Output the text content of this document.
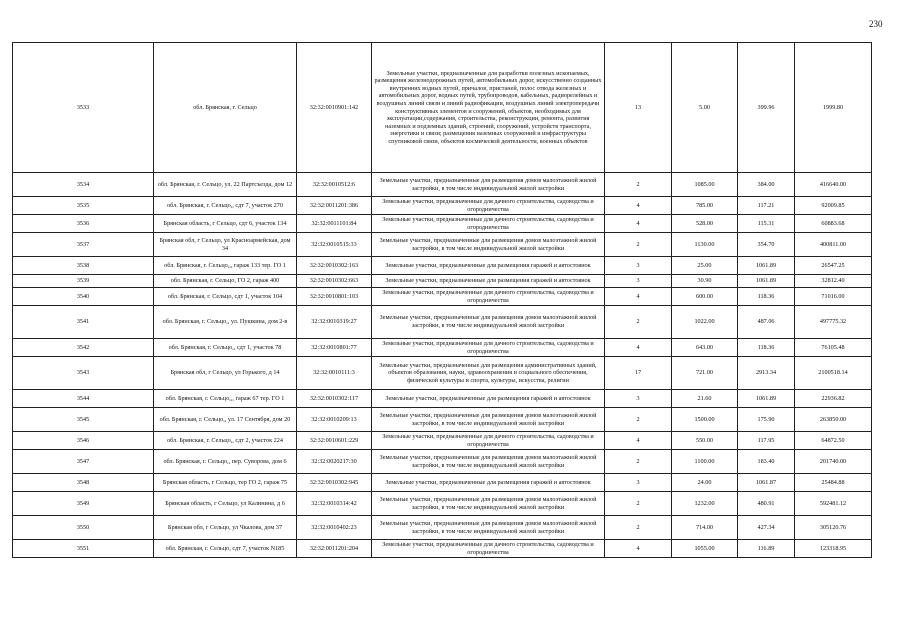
230
3533	обл. Брянская, г. Сельцо	32:32:0010901:142	Земельные участки, предназначенные для разработки полезных ископаемых, размещения железнодорожных путей, автомобильных дорог, искусственно созданных внутренних водных путей, причалов, пристаней, полос отвода железных и автомобильных дорог, водных путей, трубопроводов, кабельных, радиорелейных и воздушных линий связи и линий радиофикации, воздушных линий электропередачи конструктивных элементов и сооружений, объектов, необходимых для эксплуатации,содержания, строительства, реконструкции, ремонта, развития наземных и подземных зданий, строений, сооружений, устройств транспорта, энергетики и связи; размещения наземных сооружений и инфраструктуры спутниковой связи, объектов космической деятельности, военных объектов	13	5.00	399.96	1999.80
3534	обл. Брянская, г. Сельцо, ул. 22 Партсъезда, дом 12	32:32:0010512:6	Земельные участки, предназначенные для размещения домов малоэтажной жилой застройки, в том числе индивидуальной жилой застройки	2	1085.00	384.00	416640.00
3535	обл. Брянская, г. Сельцо,, сдт 7, участок 270	32:32:0011201:386	Земельные участки, предназначенные для дачного строительства, садоводства и огородничества	4	785.00	117.21	92009.85
3536	Брянская область, г Сельцо, сдт 6, участок 134	32:32:0011101:84	Земельные участки, предназначенные для дачного строительства, садоводства и огородничества	4	528.00	115.31	60883.68
3537	Брянская обл, г Сельцо, ул Красноармейская, дом 34	32:32:0010515:33	Земельные участки, предназначенные для размещения домов малоэтажной жилой застройки, в том числе индивидуальной жилой застройки	2	1130.00	354.70	400811.00
3538	обл. Брянская, г. Сельцо,,, гараж 133 тер. ГО 1	32:32:0010302:163	Земельные участки, предназначенные для размещения гаражей и автостоянок	3	25.00	1061.89	26547.25
3539	обл. Брянская, г. Сельцо, ГО 2, гараж 400	32:32:0010302:663	Земельные участки, предназначенные для размещения гаражей и автостоянок	3	30.90	1061.89	32812.40
3540	обл. Брянская, г. Сельцо, сдт 1, участок 104	32:32:0010801:103	Земельные участки, предназначенные для дачного строительства, садоводства и огородничества	4	600.00	118.36	71016.00
3541	обл. Брянская, г. Сельцо,, ул. Пушкина, дом 2-в	32:32:0010319:27	Земельные участки, предназначенные для размещения домов малоэтажной жилой застройки, в том числе индивидуальной жилой застройки	2	1022.00	487.06	497775.32
3542	обл. Брянская, г. Сельцо,, сдт 1, участок 78	32:32:0010801:77	Земельные участки, предназначенные для дачного строительства, садоводства и огородничества	4	643.00	118.36	76105.48
3543	Брянская обл, г Сельцо, ул Горького, д 14	32:32:0010111:3	Земельные участки, предназначенные для размещения административных зданий, объектов образования, науки, здравоохранения и социального обеспечения, физической культуры и спорта, культуры, искусства, религии	17	721.00	2913.34	2100518.14
3544	обл. Брянская, г. Сельцо,,, гараж 67 тер. ГО 1	32:32:0010302:117	Земельные участки, предназначенные для размещения гаражей и автостоянок	3	21.60	1061.89	22936.82
3545	обл. Брянская, г. Сельцо,, ул. 17 Сентября, дом 20	32:32:0010209:13	Земельные участки, предназначенные для размещения домов малоэтажной жилой застройки, в том числе индивидуальной жилой застройки	2	1500.00	175.90	263850.00
3546	обл. Брянская, г. Сельцо,, сдт 2, участок 224	32:32:0010601:229	Земельные участки, предназначенные для дачного строительства, садоводства и огородничества	4	550.00	117.95	64872.50
3547	обл. Брянская, г. Сельцо,, пер. Суворова, дом 6	32:32:0020217:30	Земельные участки, предназначенные для размещения домов малоэтажной жилой застройки, в том числе индивидуальной жилой застройки	2	1100.00	183.40	201740.00
3548	Брянская область, г Сельцо, тер ГО 2, гараж 75	32:32:0010302:945	Земельные участки, предназначенные для размещения гаражей и автостоянок	3	24.00	1061.87	25484.88
3549	Брянская область, г Сельцо, ул Калинина, д 6	32:32:0010314:42	Земельные участки, предназначенные для размещения домов малоэтажной жилой застройки, в том числе индивидуальной жилой застройки	2	1232.00	480.91	592481.12
3550	Брянская обл, г Сельцо, ул Чкалова, дом 37	32:32:0010402:23	Земельные участки, предназначенные для размещения домов малоэтажной жилой застройки, в том числе индивидуальной жилой застройки	2	714.00	427.34	305120.76
3551	обл. Брянская, г. Сельцо, сдт 7, участок N185	32:32:0011201:204	Земельные участки, предназначенные для дачного строительства, садоводства и огородничества	4	1055.00	116.89	123318.95
